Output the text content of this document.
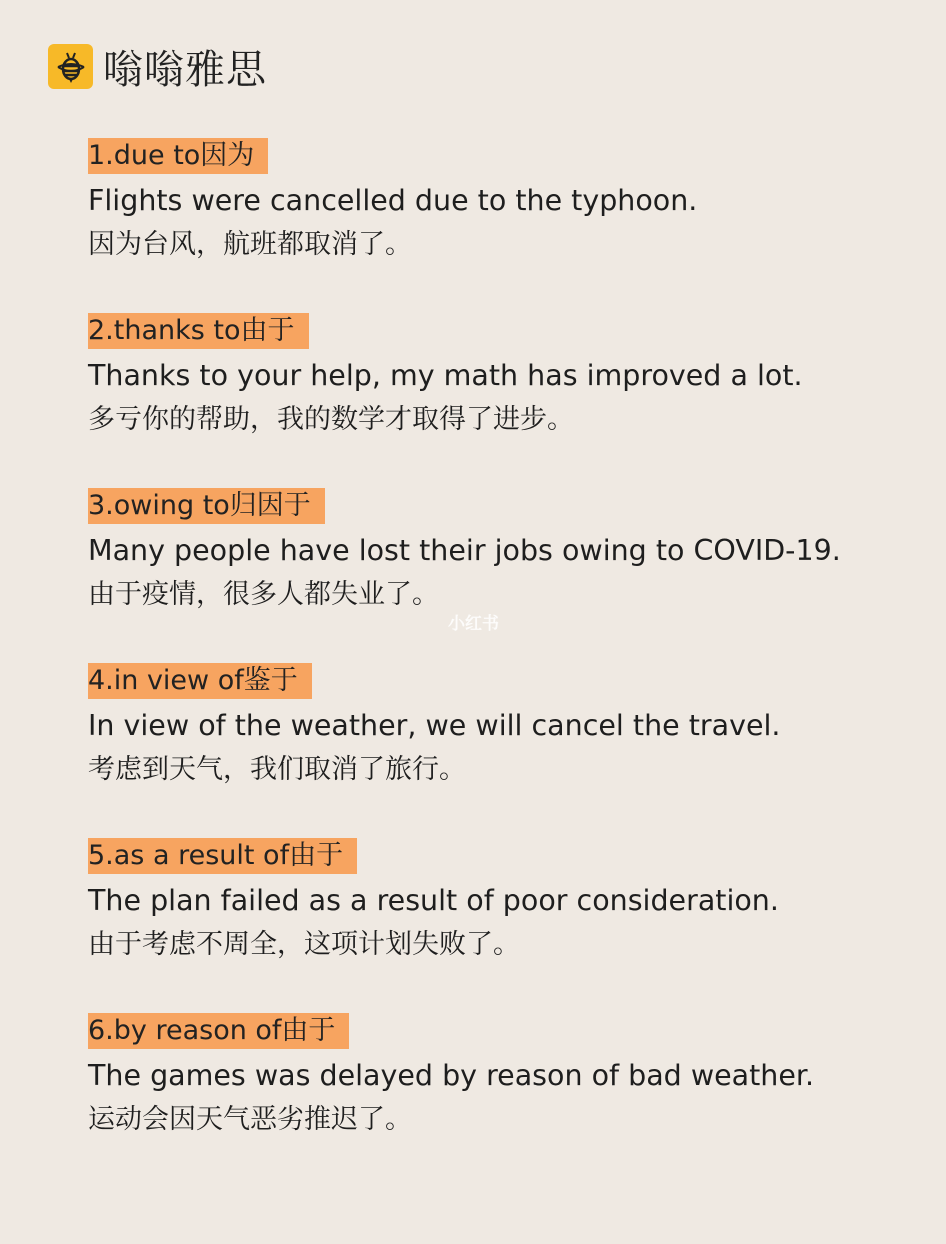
嗡嗡雅思
1.due to因为
Flights were cancelled due to the typhoon.
因为台风，航班都取消了。
2.thanks to由于
Thanks to your help, my math has improved a lot.
多亏你的帮助，我的数学才取得了进步。
3.owing to归因于
Many people have lost their jobs owing to COVID-19.
由于疫情，很多人都失业了。
4.in view of鉴于
In view of the weather, we will cancel the travel.
考虑到天气，我们取消了旅行。
5.as a result of由于
The plan failed as a result of poor consideration.
由于考虑不周全，这项计划失败了。
6.by reason of由于
The games was delayed by reason of bad weather.
运动会因天气恶劣推迟了。
小红书
